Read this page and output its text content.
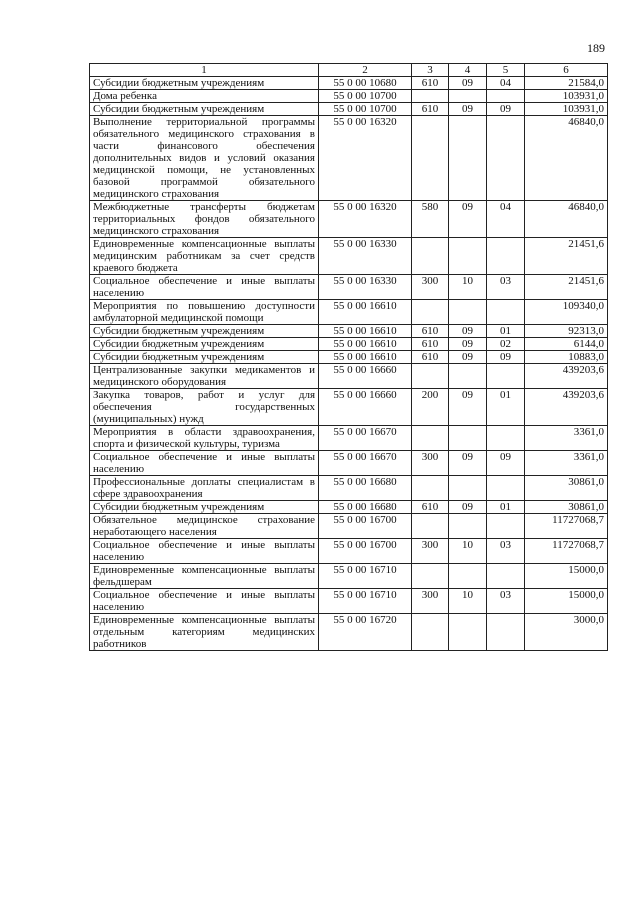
189
1	2	3	4	5	6
Субсидии бюджетным учреждениям	55 0 00 10680	610	09	04	21584,0
Дома ребенка	55 0 00 10700				103931,0
Субсидии бюджетным учреждениям	55 0 00 10700	610	09	09	103931,0
Выполнение территориальной программы обязательного медицинского страхования в части финансового обеспечения дополнительных видов и условий оказания медицинской помощи, не установленных базовой программой обязательного медицинского страхования	55 0 00 16320				46840,0
Межбюджетные трансферты бюджетам территориальных фондов обязательного медицинского страхования	55 0 00 16320	580	09	04	46840,0
Единовременные компенсационные выплаты медицинским работникам за счет средств краевого бюджета	55 0 00 16330				21451,6
Социальное обеспечение и иные выплаты населению	55 0 00 16330	300	10	03	21451,6
Мероприятия по повышению доступности амбулаторной медицинской помощи	55 0 00 16610				109340,0
Субсидии бюджетным учреждениям	55 0 00 16610	610	09	01	92313,0
Субсидии бюджетным учреждениям	55 0 00 16610	610	09	02	6144,0
Субсидии бюджетным учреждениям	55 0 00 16610	610	09	09	10883,0
Централизованные закупки медикаментов и медицинского оборудования	55 0 00 16660				439203,6
Закупка товаров, работ и услуг для обеспечения государственных (муниципальных) нужд	55 0 00 16660	200	09	01	439203,6
Мероприятия в области здравоохранения, спорта и физической культуры, туризма	55 0 00 16670				3361,0
Социальное обеспечение и иные выплаты населению	55 0 00 16670	300	09	09	3361,0
Профессиональные доплаты специалистам в сфере здравоохранения	55 0 00 16680				30861,0
Субсидии бюджетным учреждениям	55 0 00 16680	610	09	01	30861,0
Обязательное медицинское страхование неработающего населения	55 0 00 16700				11727068,7
Социальное обеспечение и иные выплаты населению	55 0 00 16700	300	10	03	11727068,7
Единовременные компенсационные выплаты фельдшерам	55 0 00 16710				15000,0
Социальное обеспечение и иные выплаты населению	55 0 00 16710	300	10	03	15000,0
Единовременные компенсационные выплаты отдельным категориям медицинских работников	55 0 00 16720				3000,0
